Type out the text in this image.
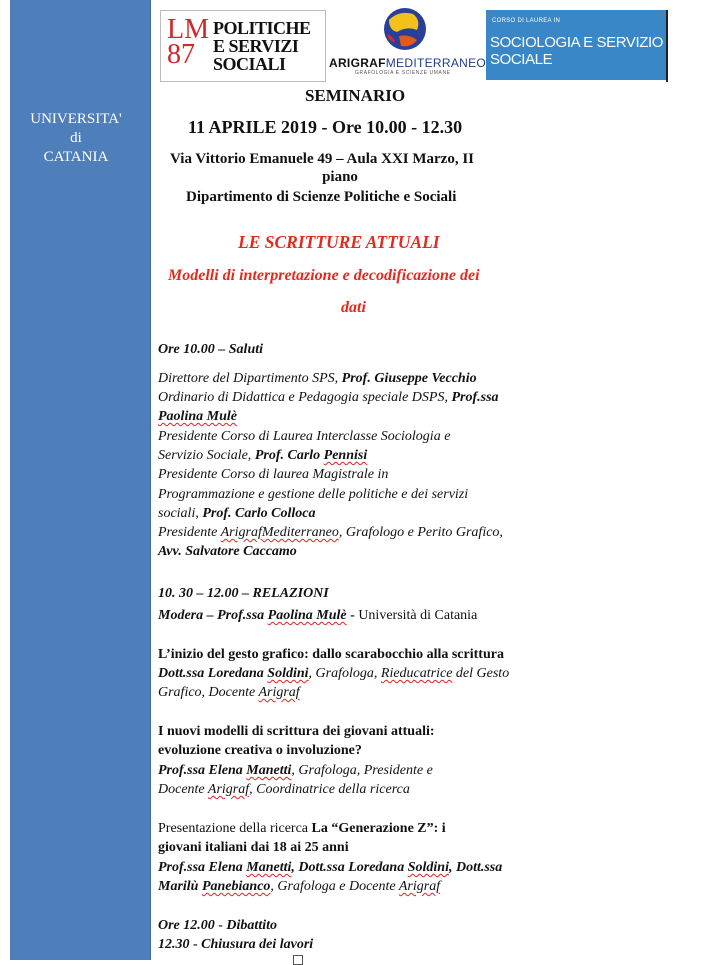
UNIVERSITA'
di
CATANIA
LM
87
POLITICHE
E SERVIZI
SOCIALI	ARIGRAFMEDITERRANEO
GRAFOLOGIA E SCIENZE UMANE
CORSO DI LAUREA IN
SOCIOLOGIA E SERVIZIO SOCIALE
SEMINARIO
11 APRILE 2019 - Ore 10.00 - 12.30
Via Vittorio Emanuele 49 – Aula XXI Marzo, II
piano
Dipartimento di Scienze Politiche e Sociali
LE SCRITTURE ATTUALI
Modelli di interpretazione e decodificazione dei
dati
Ore 10.00 – Saluti
Direttore del Dipartimento SPS, Prof. Giuseppe Vecchio
Ordinario di Didattica e Pedagogia speciale DSPS, Prof.ssa
Paolina Mulè
Presidente Corso di Laurea Interclasse Sociologia e
Servizio Sociale, Prof. Carlo Pennisi
Presidente Corso di laurea Magistrale in
Programmazione e gestione delle politiche e dei servizi
sociali, Prof. Carlo Colloca
Presidente ArigrafMediterraneo, Grafologo e Perito Grafico,
Avv. Salvatore Caccamo
10. 30 – 12.00 – RELAZIONI
Modera – Prof.ssa Paolina Mulè - Università di Catania
L’inizio del gesto grafico: dallo scarabocchio alla scrittura
Dott.ssa Loredana Soldini, Grafologa, Rieducatrice del Gesto
Grafico, Docente Arigraf
I nuovi modelli di scrittura dei giovani attuali:
evoluzione creativa o involuzione?
Prof.ssa Elena Manetti, Grafologa, Presidente e
Docente Arigraf, Coordinatrice della ricerca
Presentazione della ricerca La “Generazione Z”: i
giovani italiani dai 18 ai 25 anni
Prof.ssa Elena Manetti, Dott.ssa Loredana Soldini, Dott.ssa
Marilù Panebianco, Grafologa e Docente Arigraf
Ore 12.00 - Dibattito
12.30 - Chiusura dei lavori
